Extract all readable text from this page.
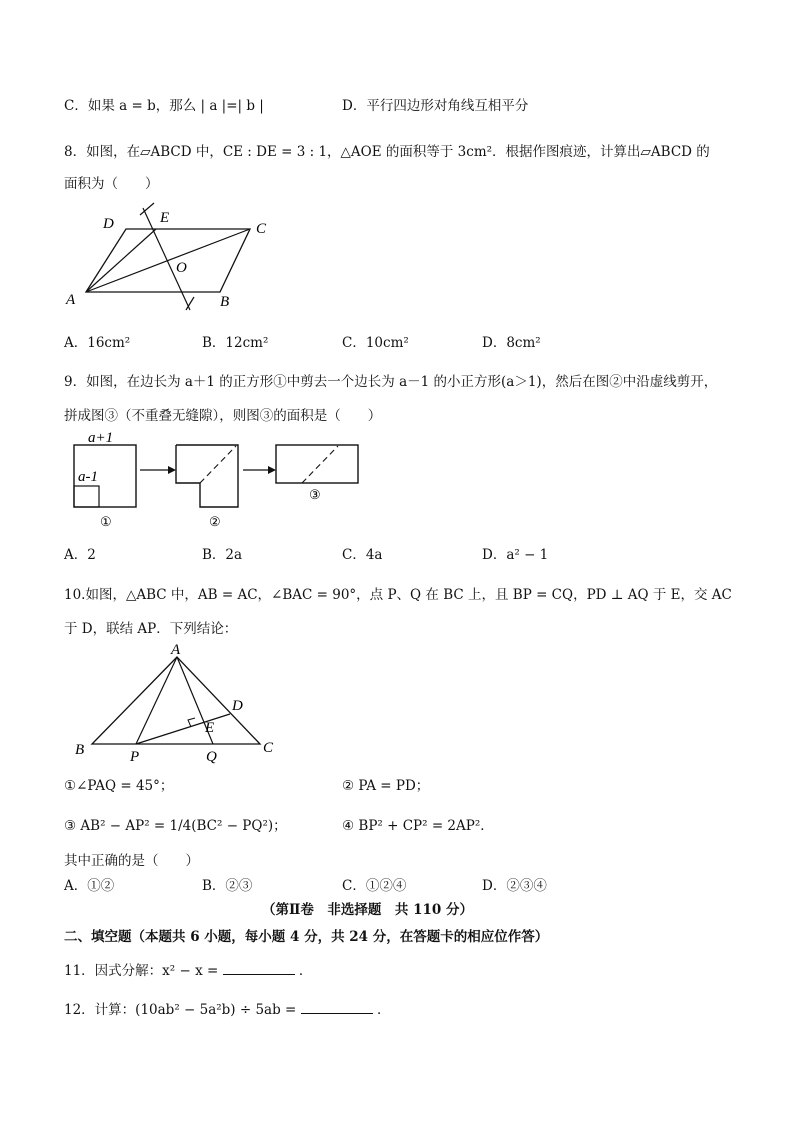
C．如果 a = b，那么 | a |=| b |	D．平行四边形对角线互相平分
8．如图，在▱ABCD 中，CE : DE = 3 : 1，△AOE 的面积等于 3cm²．根据作图痕迹，计算出▱ABCD 的
面积为（　　）
D	E
C
O
A	B
A．16cm²	B．12cm²	C．10cm²	D．8cm²
9．如图，在边长为 a＋1 的正方形①中剪去一个边长为 a－1 的小正方形(a＞1)，然后在图②中沿虚线剪开，
拼成图③（不重叠无缝隙），则图③的面积是（　　）
a+1
a-1
①	②
③
A．2	B．2a	C．4a	D．a² − 1
10.如图，△ABC 中，AB = AC，∠BAC = 90°，点 P、Q 在 BC 上，且 BP = CQ，PD ⊥ AQ 于 E，交 AC
于 D，联结 AP．下列结论：
A
B	C
D
E
P	Q
①∠PAQ = 45°；	② PA = PD；
③ AB² − AP² = 1/4(BC² − PQ²)；	④ BP² + CP² = 2AP²．
其中正确的是（　　）
A．①②	B．②③	C．①②④	D．②③④
（第Ⅱ卷　非选择题　共 110 分）
二、填空题（本题共 6 小题，每小题 4 分，共 24 分，在答题卡的相应位作答）
11．因式分解：x² − x =	．
12．计算：(10ab² − 5a²b) ÷ 5ab =	．
